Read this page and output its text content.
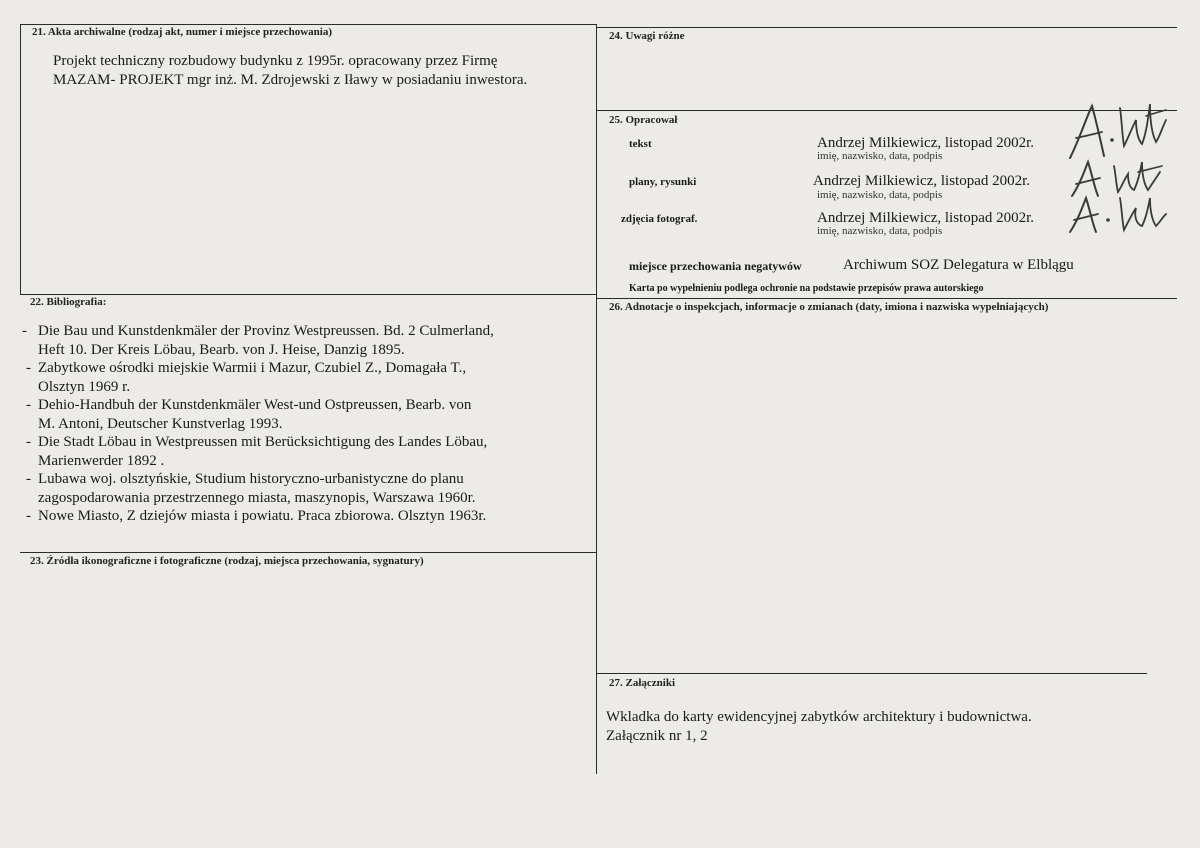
21. Akta archiwalne (rodzaj akt, numer i miejsce przechowania)
Projekt techniczny rozbudowy budynku z 1995r. opracowany przez Firmę
MAZAM- PROJEKT mgr inż. M. Zdrojewski z Iławy w posiadaniu inwestora.
24. Uwagi różne
25. Opracował
tekst	Andrzej Milkiewicz, listopad 2002r.
imię, nazwisko, data, podpis
plany, rysunki	Andrzej Milkiewicz, listopad 2002r.
imię, nazwisko, data, podpis
zdjęcia fotograf.	Andrzej Milkiewicz, listopad 2002r.
imię, nazwisko, data, podpis
miejsce przechowania negatywów	Archiwum SOZ Delegatura w Elblągu
Karta po wypełnieniu podlega ochronie na podstawie przepisów prawa autorskiego
22. Bibliografia:
- Die Bau und Kunstdenkmäler der Provinz Westpreussen. Bd. 2 Culmerland,
Heft 10. Der Kreis Löbau, Bearb. von J. Heise, Danzig 1895.
- Zabytkowe ośrodki miejskie Warmii i Mazur, Czubiel Z., Domagała T.,
Olsztyn 1969 r.
- Dehio-Handbuh der Kunstdenkmäler West-und Ostpreussen, Bearb. von
M. Antoni, Deutscher Kunstverlag 1993.
- Die Stadt Löbau in Westpreussen mit Berücksichtigung des Landes Löbau,
Marienwerder 1892 .
- Lubawa woj. olsztyńskie, Studium historyczno-urbanistyczne do planu
zagospodarowania przestrzennego miasta, maszynopis, Warszawa 1960r.
- Nowe Miasto, Z dziejów miasta i powiatu. Praca zbiorowa. Olsztyn 1963r.
23. Źródła ikonograficzne i fotograficzne (rodzaj, miejsca przechowania, sygnatury)
26. Adnotacje o inspekcjach, informacje o zmianach (daty, imiona i nazwiska wypełniających)
27. Załączniki
Wkladka do karty ewidencyjnej zabytków architektury i budownictwa.
Załącznik nr 1, 2
